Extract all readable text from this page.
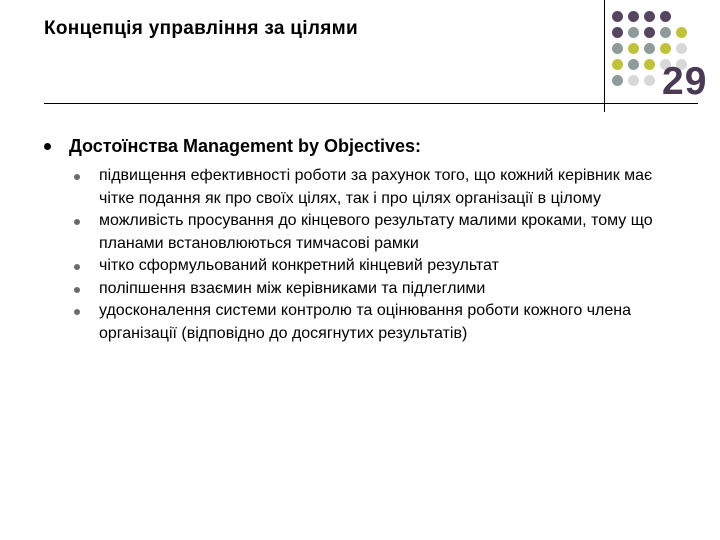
Концепція управління за цілями
29
Достоїнства Management by Objectives:
підвищення ефективності роботи за рахунок того, що кожний керівник має чітке подання як про своїх цілях, так і про цілях організації в цілому
можливість просування до кінцевого результату малими кроками, тому що планами встановлюються тимчасові рамки
чітко сформульований конкретний кінцевий результат
поліпшення взаємин між керівниками та підлеглими
удосконалення системи контролю та оцінювання роботи кожного члена організації (відповідно до досягнутих результатів)
